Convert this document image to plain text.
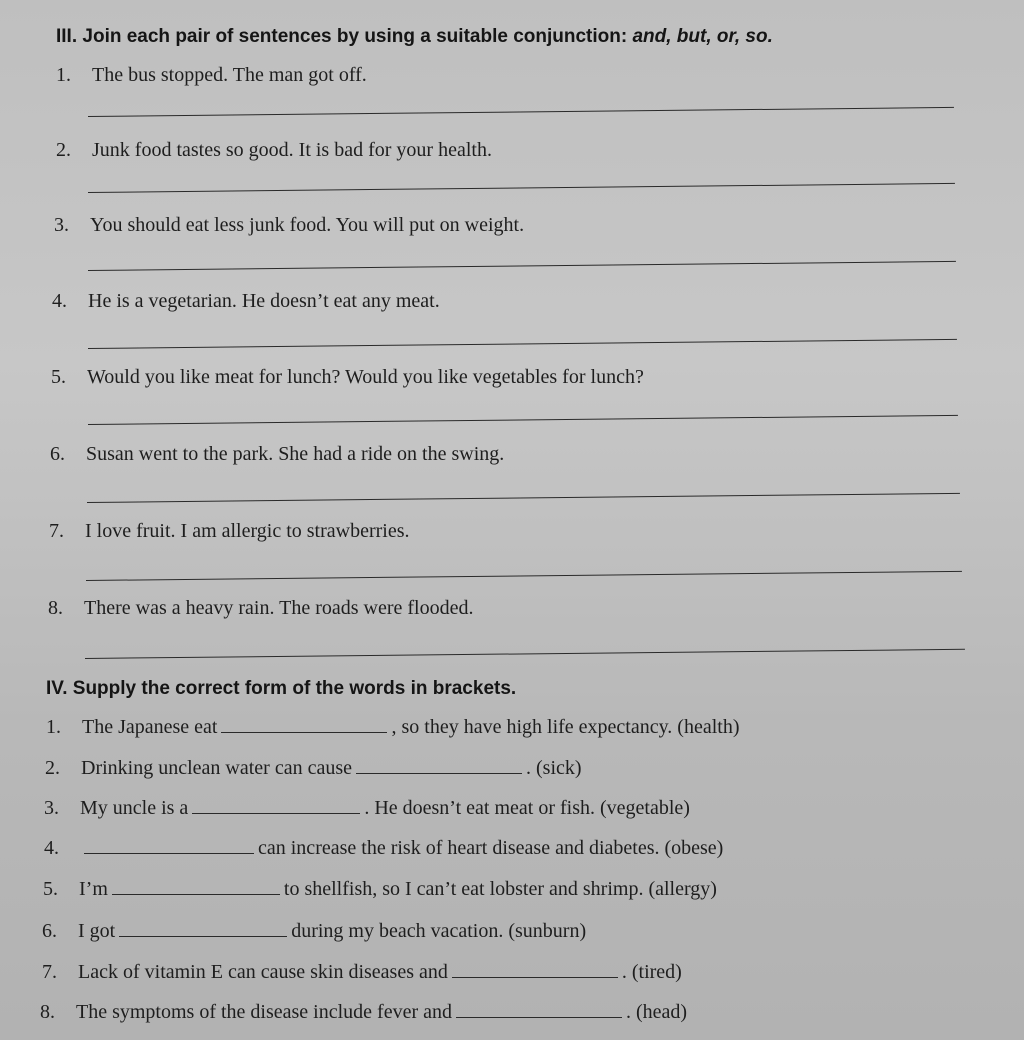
III. Join each pair of sentences by using a suitable conjunction: and, but, or, so.
1. The bus stopped. The man got off.
2. Junk food tastes so good. It is bad for your health.
3. You should eat less junk food. You will put on weight.
4. He is a vegetarian. He doesn’t eat any meat.
5. Would you like meat for lunch? Would you like vegetables for lunch?
6. Susan went to the park. She had a ride on the swing.
7. I love fruit. I am allergic to strawberries.
8. There was a heavy rain. The roads were flooded.
IV. Supply the correct form of the words in brackets.
1. The Japanese eat	, so they have high life expectancy. (health)
2. Drinking unclean water can cause	. (sick)
3. My uncle is a	. He doesn’t eat meat or fish. (vegetable)
4.	can increase the risk of heart disease and diabetes. (obese)
5. I’m	to shellfish, so I can’t eat lobster and shrimp. (allergy)
6. I got	during my beach vacation. (sunburn)
7. Lack of vitamin E can cause skin diseases and	. (tired)
8. The symptoms of the disease include fever and	. (head)
